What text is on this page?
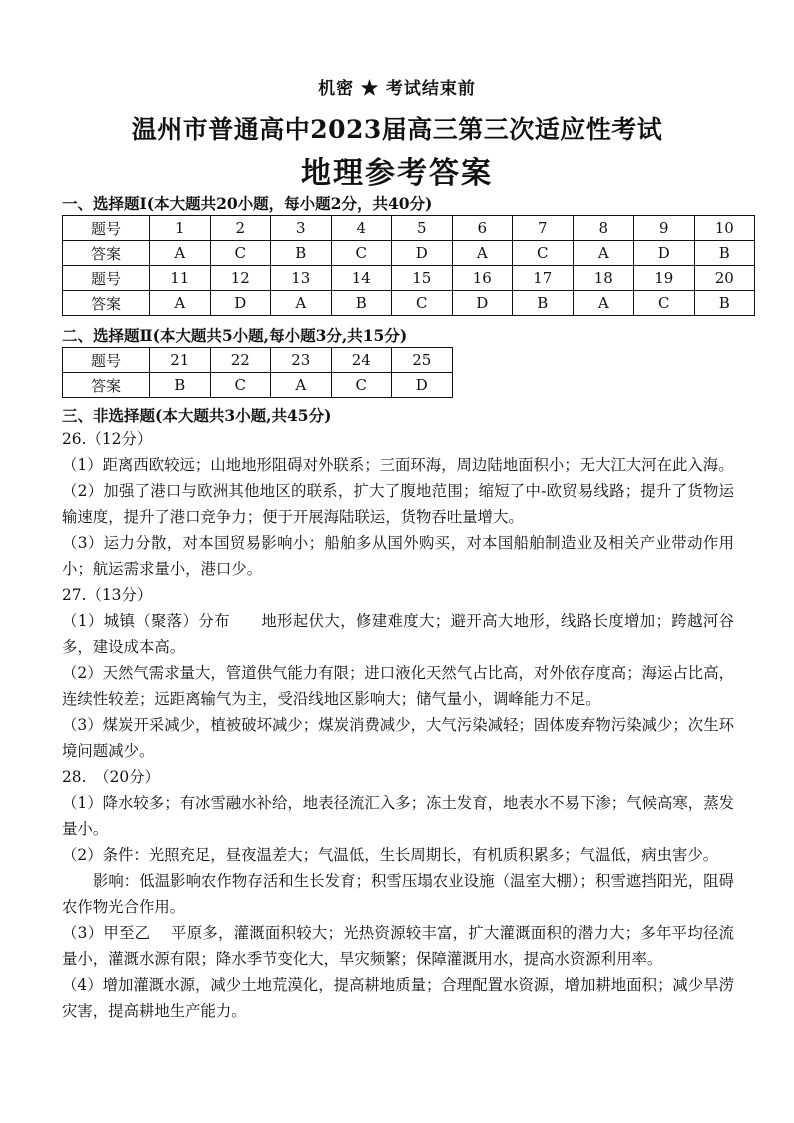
机密 ★ 考试结束前
温州市普通高中2023届高三第三次适应性考试
地理参考答案
一、选择题Ⅰ(本大题共20小题，每小题2分，共40分)
题号	1	2	3	4	5	6	7	8	9	10
答案	A	C	B	C	D	A	C	A	D	B
题号	11	12	13	14	15	16	17	18	19	20
答案	A	D	A	B	C	D	B	A	C	B
二、选择题Ⅱ(本大题共5小题,每小题3分,共15分)
题号	21	22	23	24	25
答案	B	C	A	C	D
三、非选择题(本大题共3小题,共45分)

26.（12分）

（1）距离西欧较远；山地地形阻碍对外联系；三面环海，周边陆地面积小；无大江大河在此入海。

（2）加强了港口与欧洲其他地区的联系，扩大了腹地范围；缩短了中-欧贸易线路；提升了货物运输速度，提升了港口竞争力；便于开展海陆联运，货物吞吐量增大。

（3）运力分散，对本国贸易影响小；船舶多从国外购买，对本国船舶制造业及相关产业带动作用小；航运需求量小，港口少。

27.（13分）

（1）城镇（聚落）分布　　地形起伏大，修建难度大；避开高大地形，线路长度增加；跨越河谷多，建设成本高。

（2）天然气需求量大，管道供气能力有限；进口液化天然气占比高，对外依存度高；海运占比高，连续性较差；远距离输气为主，受沿线地区影响大；储气量小，调峰能力不足。

（3）煤炭开采减少，植被破坏减少；煤炭消费减少，大气污染减轻；固体废弃物污染减少；次生环境问题减少。

28.　（20分）

（1）降水较多；有冰雪融水补给，地表径流汇入多；冻土发育，地表水不易下渗；气候高寒，蒸发量小。

（2）条件：光照充足，昼夜温差大；气温低，生长周期长，有机质积累多；气温低，病虫害少。

　　影响：低温影响农作物存活和生长发育；积雪压塌农业设施（温室大棚）；积雪遮挡阳光，阻碍农作物光合作用。

（3）甲至乙　 平原多，灌溉面积较大；光热资源较丰富，扩大灌溉面积的潜力大；多年平均径流量小，灌溉水源有限；降水季节变化大，旱灾频繁；保障灌溉用水，提高水资源利用率。

（4）增加灌溉水源，减少土地荒漠化，提高耕地质量；合理配置水资源，增加耕地面积；减少旱涝灾害，提高耕地生产能力。
